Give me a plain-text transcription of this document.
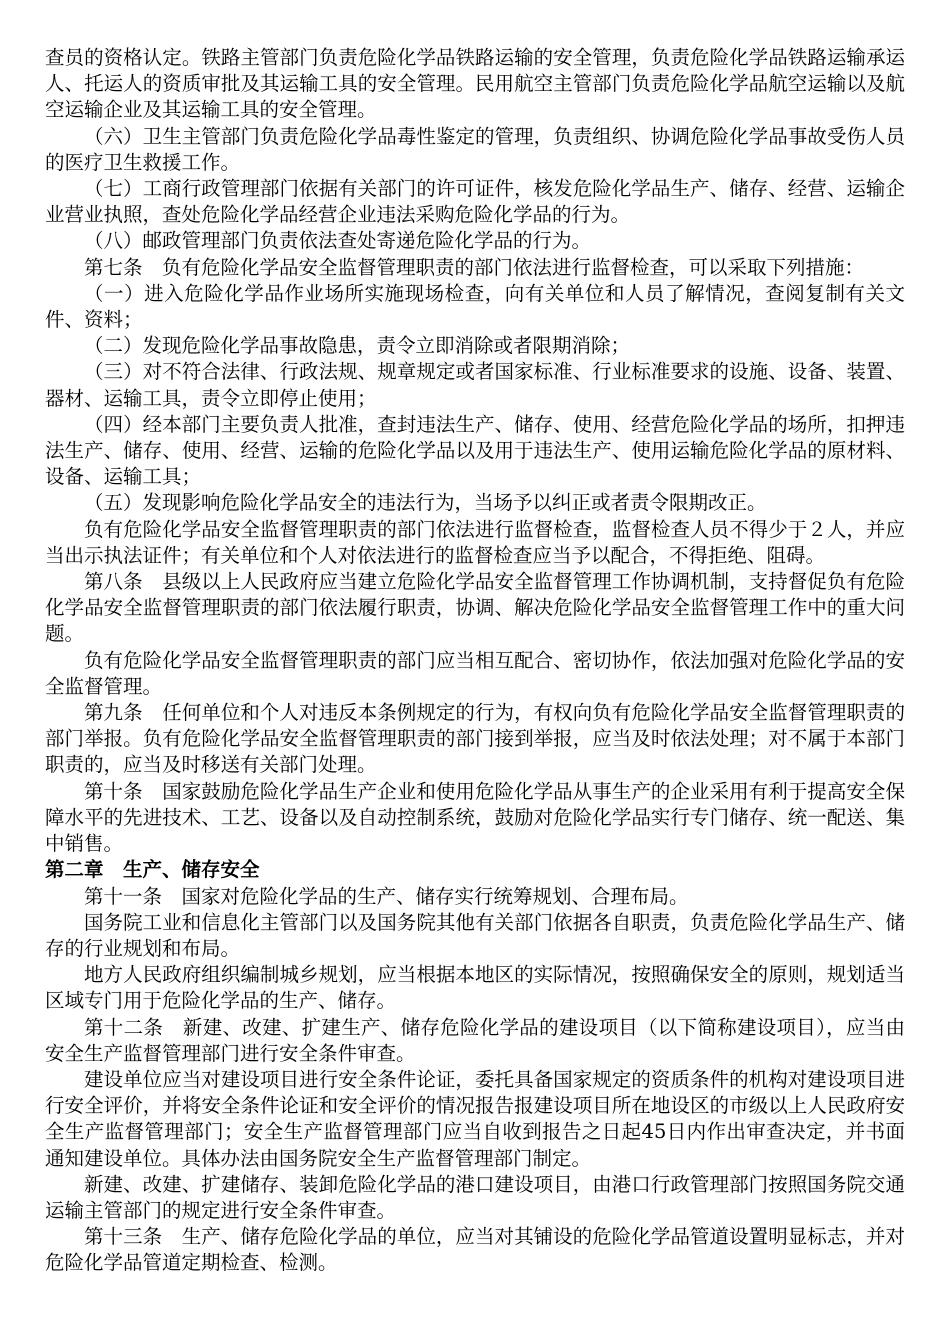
查员的资格认定。铁路主管部门负责危险化学品铁路运输的安全管理，负责危险化学品铁路运输承运人、托运人的资质审批及其运输工具的安全管理。民用航空主管部门负责危险化学品航空运输以及航空运输企业及其运输工具的安全管理。

（六）卫生主管部门负责危险化学品毒性鉴定的管理，负责组织、协调危险化学品事故受伤人员的医疗卫生救援工作。

（七）工商行政管理部门依据有关部门的许可证件，核发危险化学品生产、储存、经营、运输企业营业执照，查处危险化学品经营企业违法采购危险化学品的行为。

（八）邮政管理部门负责依法查处寄递危险化学品的行为。

第七条　负有危险化学品安全监督管理职责的部门依法进行监督检查，可以采取下列措施：

（一）进入危险化学品作业场所实施现场检查，向有关单位和人员了解情况，查阅复制有关文件、资料；

（二）发现危险化学品事故隐患，责令立即消除或者限期消除；

（三）对不符合法律、行政法规、规章规定或者国家标准、行业标准要求的设施、设备、装置、器材、运输工具，责令立即停止使用；

（四）经本部门主要负责人批准，查封违法生产、储存、使用、经营危险化学品的场所，扣押违法生产、储存、使用、经营、运输的危险化学品以及用于违法生产、使用运输危险化学品的原材料、设备、运输工具；

（五）发现影响危险化学品安全的违法行为，当场予以纠正或者责令限期改正。

负有危险化学品安全监督管理职责的部门依法进行监督检查，监督检查人员不得少于２人，并应当出示执法证件；有关单位和个人对依法进行的监督检查应当予以配合，不得拒绝、阻碍。

第八条　县级以上人民政府应当建立危险化学品安全监督管理工作协调机制，支持督促负有危险化学品安全监督管理职责的部门依法履行职责，协调、解决危险化学品安全监督管理工作中的重大问题。

负有危险化学品安全监督管理职责的部门应当相互配合、密切协作，依法加强对危险化学品的安全监督管理。

第九条　任何单位和个人对违反本条例规定的行为，有权向负有危险化学品安全监督管理职责的部门举报。负有危险化学品安全监督管理职责的部门接到举报，应当及时依法处理；对不属于本部门职责的，应当及时移送有关部门处理。

第十条　国家鼓励危险化学品生产企业和使用危险化学品从事生产的企业采用有利于提高安全保障水平的先进技术、工艺、设备以及自动控制系统，鼓励对危险化学品实行专门储存、统一配送、集中销售。

第二章　生产、储存安全

第十一条　国家对危险化学品的生产、储存实行统筹规划、合理布局。

国务院工业和信息化主管部门以及国务院其他有关部门依据各自职责，负责危险化学品生产、储存的行业规划和布局。

地方人民政府组织编制城乡规划，应当根据本地区的实际情况，按照确保安全的原则，规划适当区域专门用于危险化学品的生产、储存。

第十二条　新建、改建、扩建生产、储存危险化学品的建设项目（以下简称建设项目），应当由安全生产监督管理部门进行安全条件审查。

建设单位应当对建设项目进行安全条件论证，委托具备国家规定的资质条件的机构对建设项目进行安全评价，并将安全条件论证和安全评价的情况报告报建设项目所在地设区的市级以上人民政府安全生产监督管理部门；安全生产监督管理部门应当自收到报告之日起45日内作出审查决定，并书面通知建设单位。具体办法由国务院安全生产监督管理部门制定。

新建、改建、扩建储存、装卸危险化学品的港口建设项目，由港口行政管理部门按照国务院交通运输主管部门的规定进行安全条件审查。

第十三条　生产、储存危险化学品的单位，应当对其铺设的危险化学品管道设置明显标志，并对危险化学品管道定期检查、检测。
